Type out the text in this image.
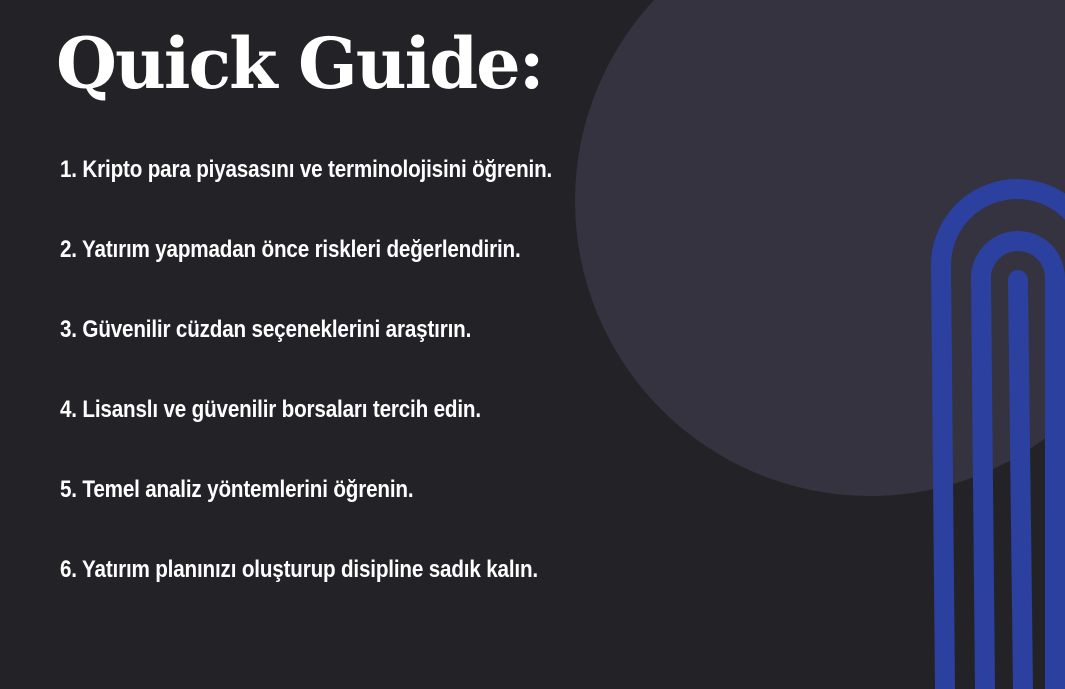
Quick Guide:
1. Kripto para piyasasını ve terminolojisini öğrenin.
2. Yatırım yapmadan önce riskleri değerlendirin.
3. Güvenilir cüzdan seçeneklerini araştırın.
4. Lisanslı ve güvenilir borsaları tercih edin.
5. Temel analiz yöntemlerini öğrenin.
6. Yatırım planınızı oluşturup disipline sadık kalın.
